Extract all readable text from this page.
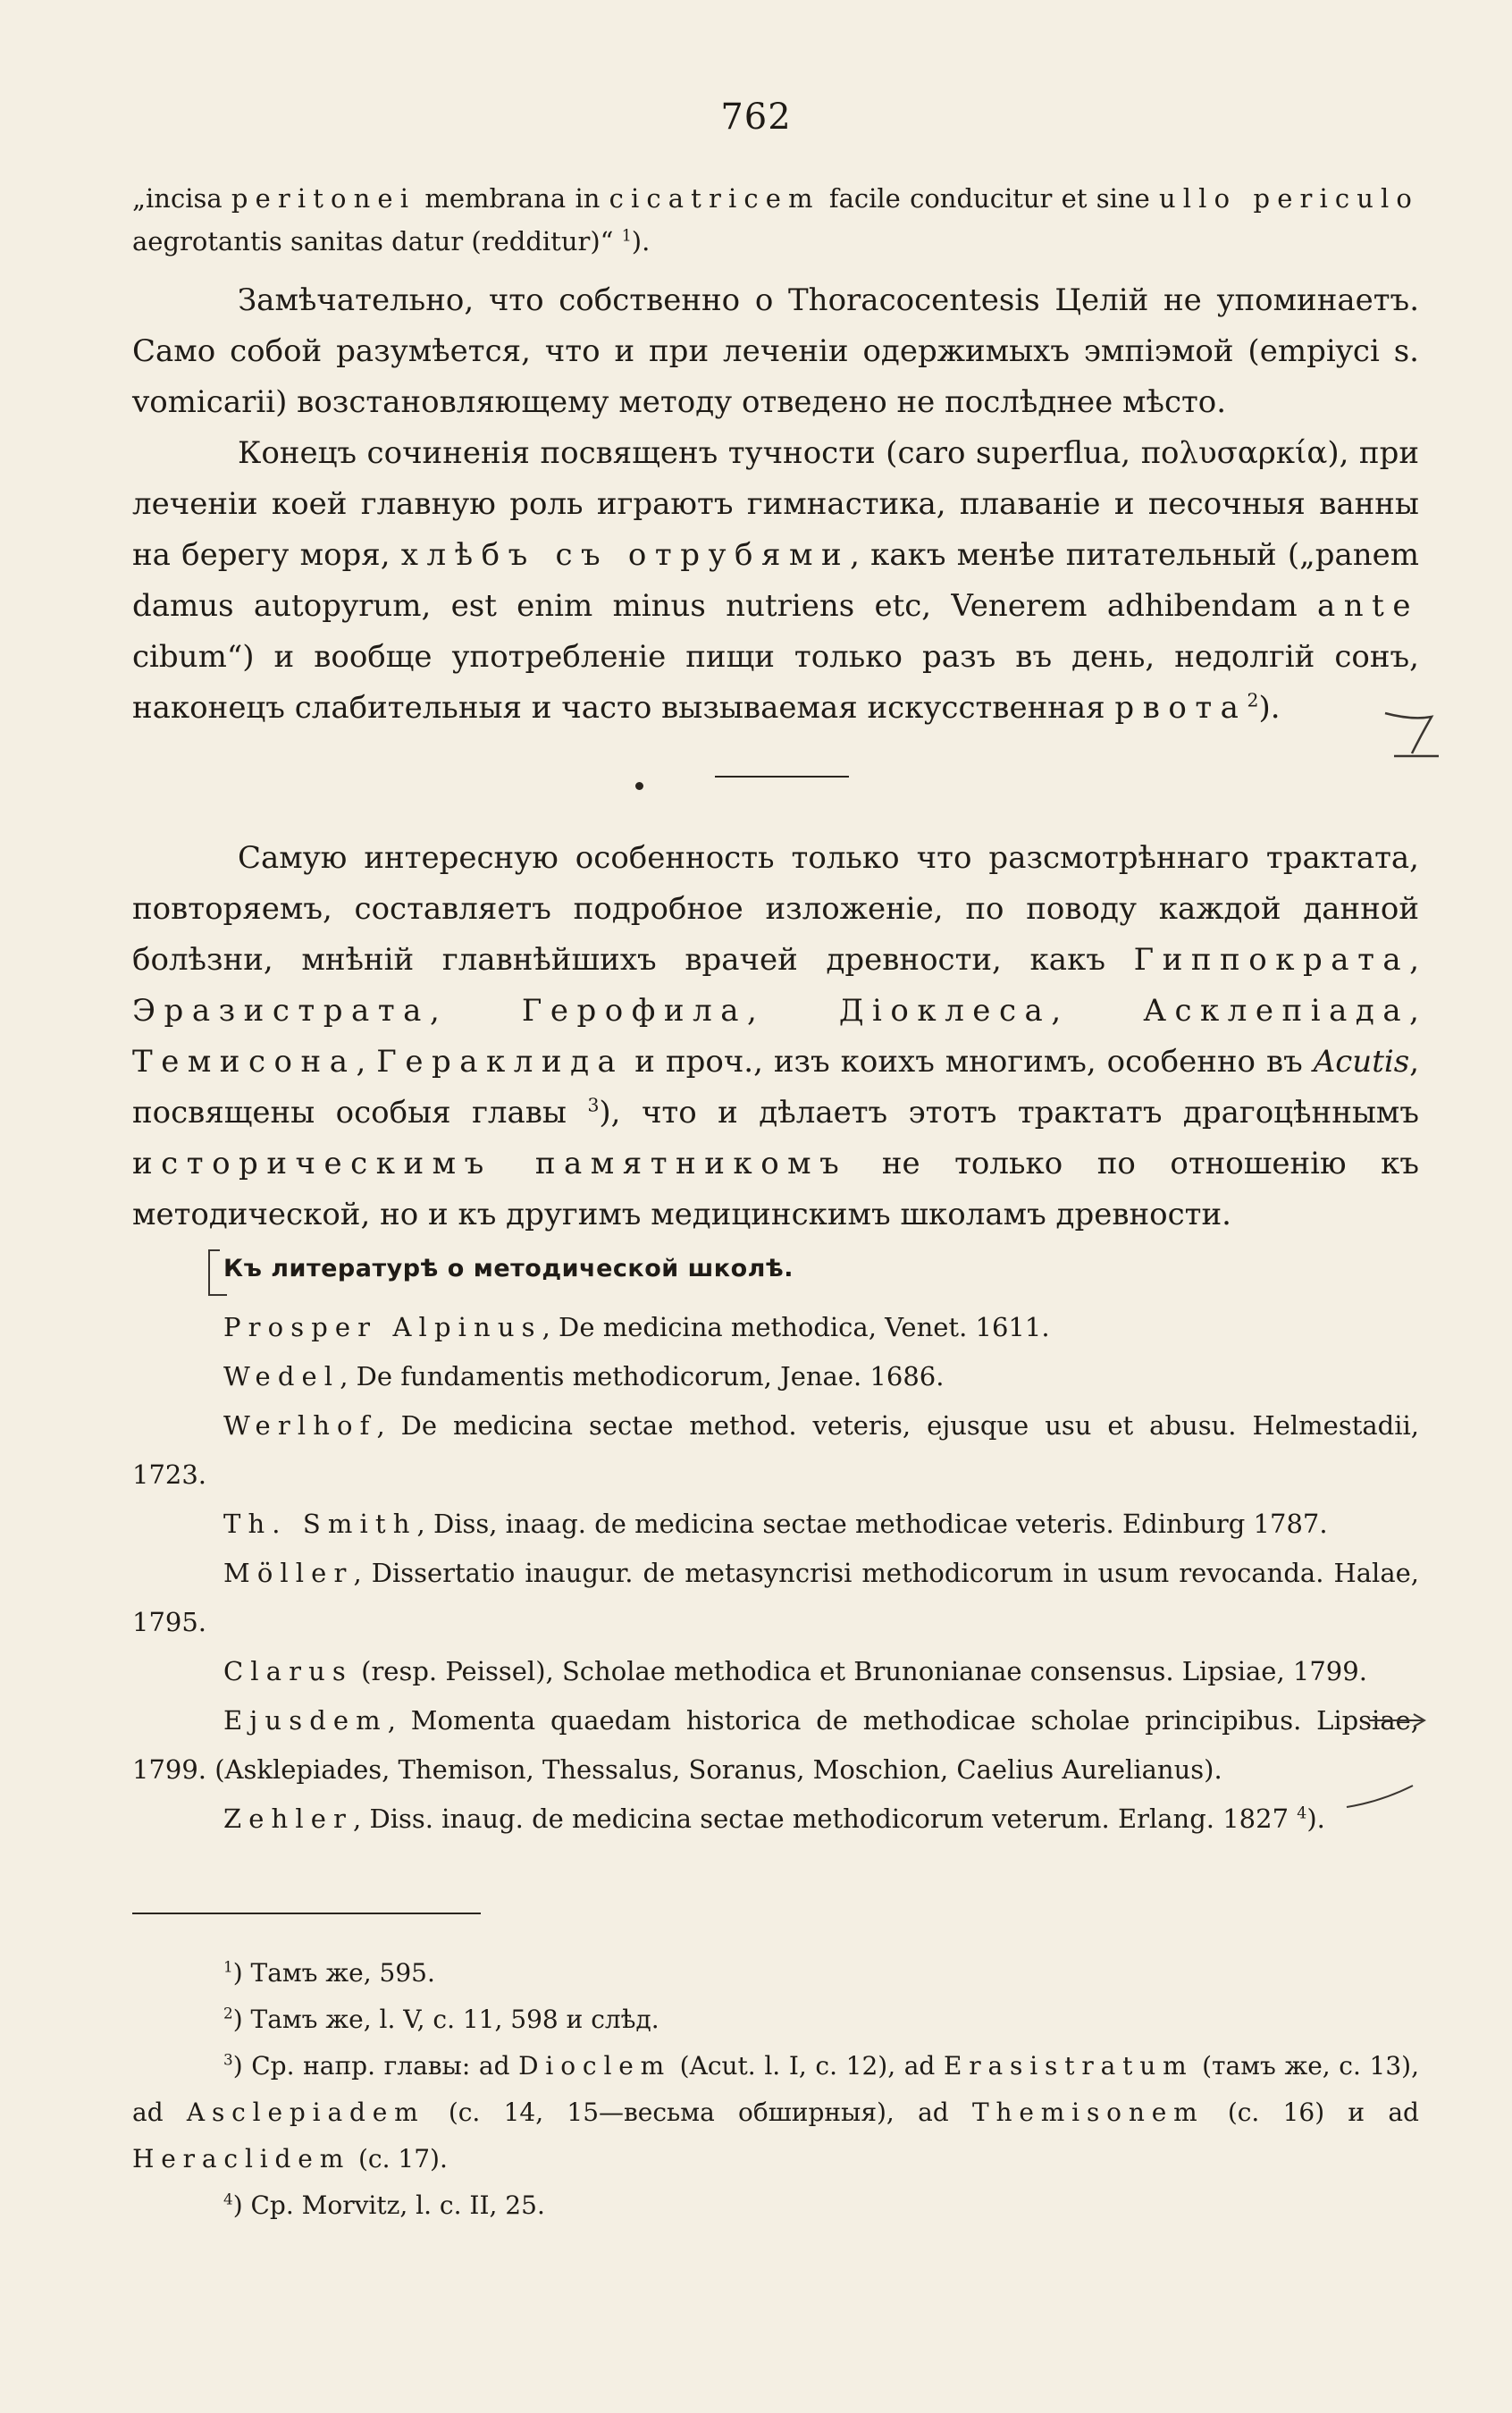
762
„incisa peritonei membrana in cicatricem facile conducitur et sine ullo periculo aegrotantis sanitas datur (redditur)“ $^1$).

Замѣчательно, что собственно о Thoracocentesis Целій не упоминаетъ. Само собой разумѣется, что и при леченіи одержимыхъ эмпіэмой (empiyci s. vomicarii) возстановляющему методу отведено не послѣднее мѣсто.

Конецъ сочиненія посвященъ тучности (caro superflua, πολυσαρκία), при леченіи коей главную роль играютъ гимнастика, плаваніе и песочныя ванны на берегу моря, хлѣбъ съ отрубями, какъ менѣе питательный („panem damus autopyrum, est enim minus nutriens etc, Venerem adhibendam ante cibum“) и вообще употребленіе пищи только разъ въ день, недолгій сонъ, наконецъ слабительныя и часто вызываемая искусственная рвота$^2$).

Самую интересную особенность только что разсмотрѣннаго трактата, повторяемъ, составляетъ подробное изложеніе, по поводу каждой данной болѣзни, мнѣній главнѣйшихъ врачей древности, какъ Гиппократа, Эразистрата, Герофила, Діоклеса, Асклепіада, Темисона, Гераклида и проч., изъ коихъ многимъ, особенно въ Acutis, посвящены особыя главы $^3$), что и дѣлаетъ этотъ трактатъ драгоцѣннымъ историческимъ памятникомъ не только по отношенію къ методической, но и къ другимъ медицинскимъ школамъ древности.

Къ литературѣ о методической школѣ.

Prosper Alpinus, De medicina methodica, Venet. 1611.

Wedel, De fundamentis methodicorum, Jenae. 1686.

Werlhof, De medicina sectae method. veteris, ejusque usu et abusu. Helmestadii, 1723.

Th. Smith, Diss, inaag. de medicina sectae methodicae veteris. Edinburg 1787.

Möller, Dissertatio inaugur. de metasyncrisi methodicorum in usum revocanda. Halae, 1795.

Clarus (resp. Peissel), Scholae methodica et Brunonianae consensus. Lipsiae, 1799.

Ejusdem, Momenta quaedam historica de methodicae scholae principibus. Lipsiae, 1799. (Asklepiades, Themison, Thessalus, Soranus, Moschion, Caelius Aurelianus).

Zehler, Diss. inaug. de medicina sectae methodicorum veterum. Erlang. 1827 $^4$).

$^1$) Тамъ же, 595.

$^2$) Тамъ же, l. V, c. 11, 598 и слѣд.

$^3$) Ср. напр. главы: ad Dioclem (Acut. l. I, c. 12), ad Erasistratum (тамъ же, с. 13), ad Asclepiadem (с. 14, 15—весьма обширныя), ad Themisonem (с. 16) и ad Heraclidem (с. 17).

$^4$) Ср. Morvitz, l. c. II, 25.
